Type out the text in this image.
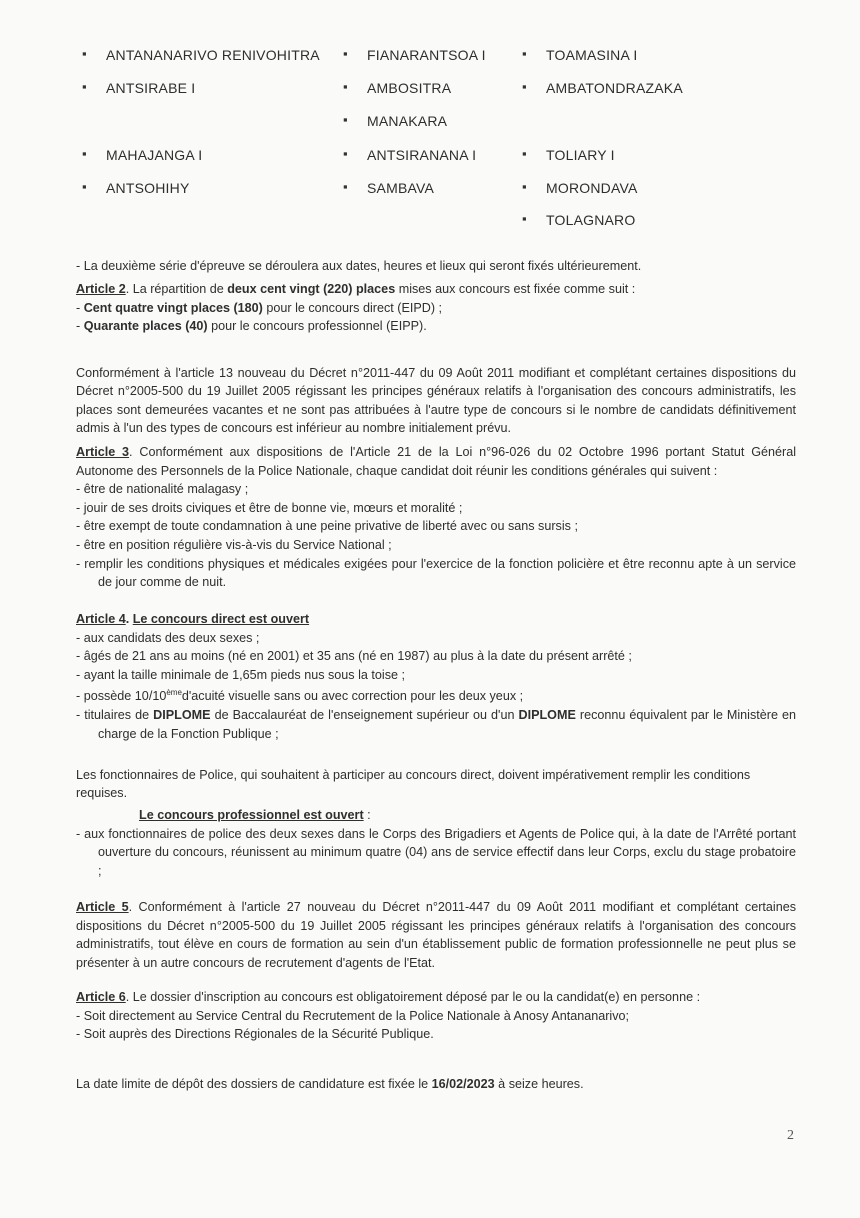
▪ ANTANANARIVO RENIVOHITRA
▪ ANTSIRABE I
▪ MAHAJANGA I
▪ ANTSOHIHY
▪ FIANARANTSOA I
▪ AMBOSITRA
▪ MANAKARA
▪ ANTSIRANANA I
▪ SAMBAVA
▪ TOAMASINA I
▪ AMBATONDRAZAKA
▪ TOLIARY I
▪ MORONDAVA
▪ TOLAGNARO

- La deuxième série d'épreuve se déroulera aux dates, heures et lieux qui seront fixés ultérieurement.

Article 2. La répartition de deux cent vingt (220) places mises aux concours est fixée comme suit :

- Cent quatre vingt places (180) pour le concours direct (EIPD) ;

- Quarante places (40) pour le concours professionnel (EIPP).

Conformément à l'article 13 nouveau du Décret n°2011-447 du 09 Août 2011 modifiant et complétant certaines dispositions du Décret n°2005-500 du 19 Juillet 2005 régissant les principes généraux relatifs à l'organisation des concours administratifs, les places sont demeurées vacantes et ne sont pas attribuées à l'autre type de concours si le nombre de candidats définitivement admis à l'un des types de concours est inférieur au nombre initialement prévu.

Article 3. Conformément aux dispositions de l'Article 21 de la Loi n°96-026 du 02 Octobre 1996 portant Statut Général Autonome des Personnels de la Police Nationale, chaque candidat doit réunir les conditions générales qui suivent :

- être de nationalité malagasy ;

- jouir de ses droits civiques et être de bonne vie, mœurs et moralité ;

- être exempt de toute condamnation à une peine privative de liberté avec ou sans sursis ;

- être en position régulière vis-à-vis du Service National ;

- remplir les conditions physiques et médicales exigées pour l'exercice de la fonction policière et être reconnu apte à un service de jour comme de nuit.

Article 4. Le concours direct est ouvert

- aux candidats des deux sexes ;

- âgés de 21 ans au moins (né en 2001) et 35 ans (né en 1987) au plus à la date du présent arrêté ;

- ayant la taille minimale de 1,65m pieds nus sous la toise ;

- possède 10/10èmed'acuité visuelle sans ou avec correction pour les deux yeux ;

- titulaires de DIPLOME de Baccalauréat de l'enseignement supérieur ou d'un DIPLOME reconnu équivalent par le Ministère en charge de la Fonction Publique ;

Les fonctionnaires de Police, qui souhaitent à participer au concours direct, doivent impérativement remplir les conditions requises.

Le concours professionnel est ouvert :

- aux fonctionnaires de police des deux sexes dans le Corps des Brigadiers et Agents de Police qui, à la date de l'Arrêté portant ouverture du concours, réunissent au minimum quatre (04) ans de service effectif dans leur Corps, exclu du stage probatoire ;

Article 5. Conformément à l'article 27 nouveau du Décret n°2011-447 du 09 Août 2011 modifiant et complétant certaines dispositions du Décret n°2005-500 du 19 Juillet 2005 régissant les principes généraux relatifs à l'organisation des concours administratifs, tout élève en cours de formation au sein d'un établissement public de formation professionnelle ne peut plus se présenter à un autre concours de recrutement d'agents de l'Etat.

Article 6. Le dossier d'inscription au concours est obligatoirement déposé par le ou la candidat(e) en personne :

- Soit directement au Service Central du Recrutement de la Police Nationale à Anosy Antananarivo;

- Soit auprès des Directions Régionales de la Sécurité Publique.

La date limite de dépôt des dossiers de candidature est fixée le 16/02/2023 à seize heures.

2
